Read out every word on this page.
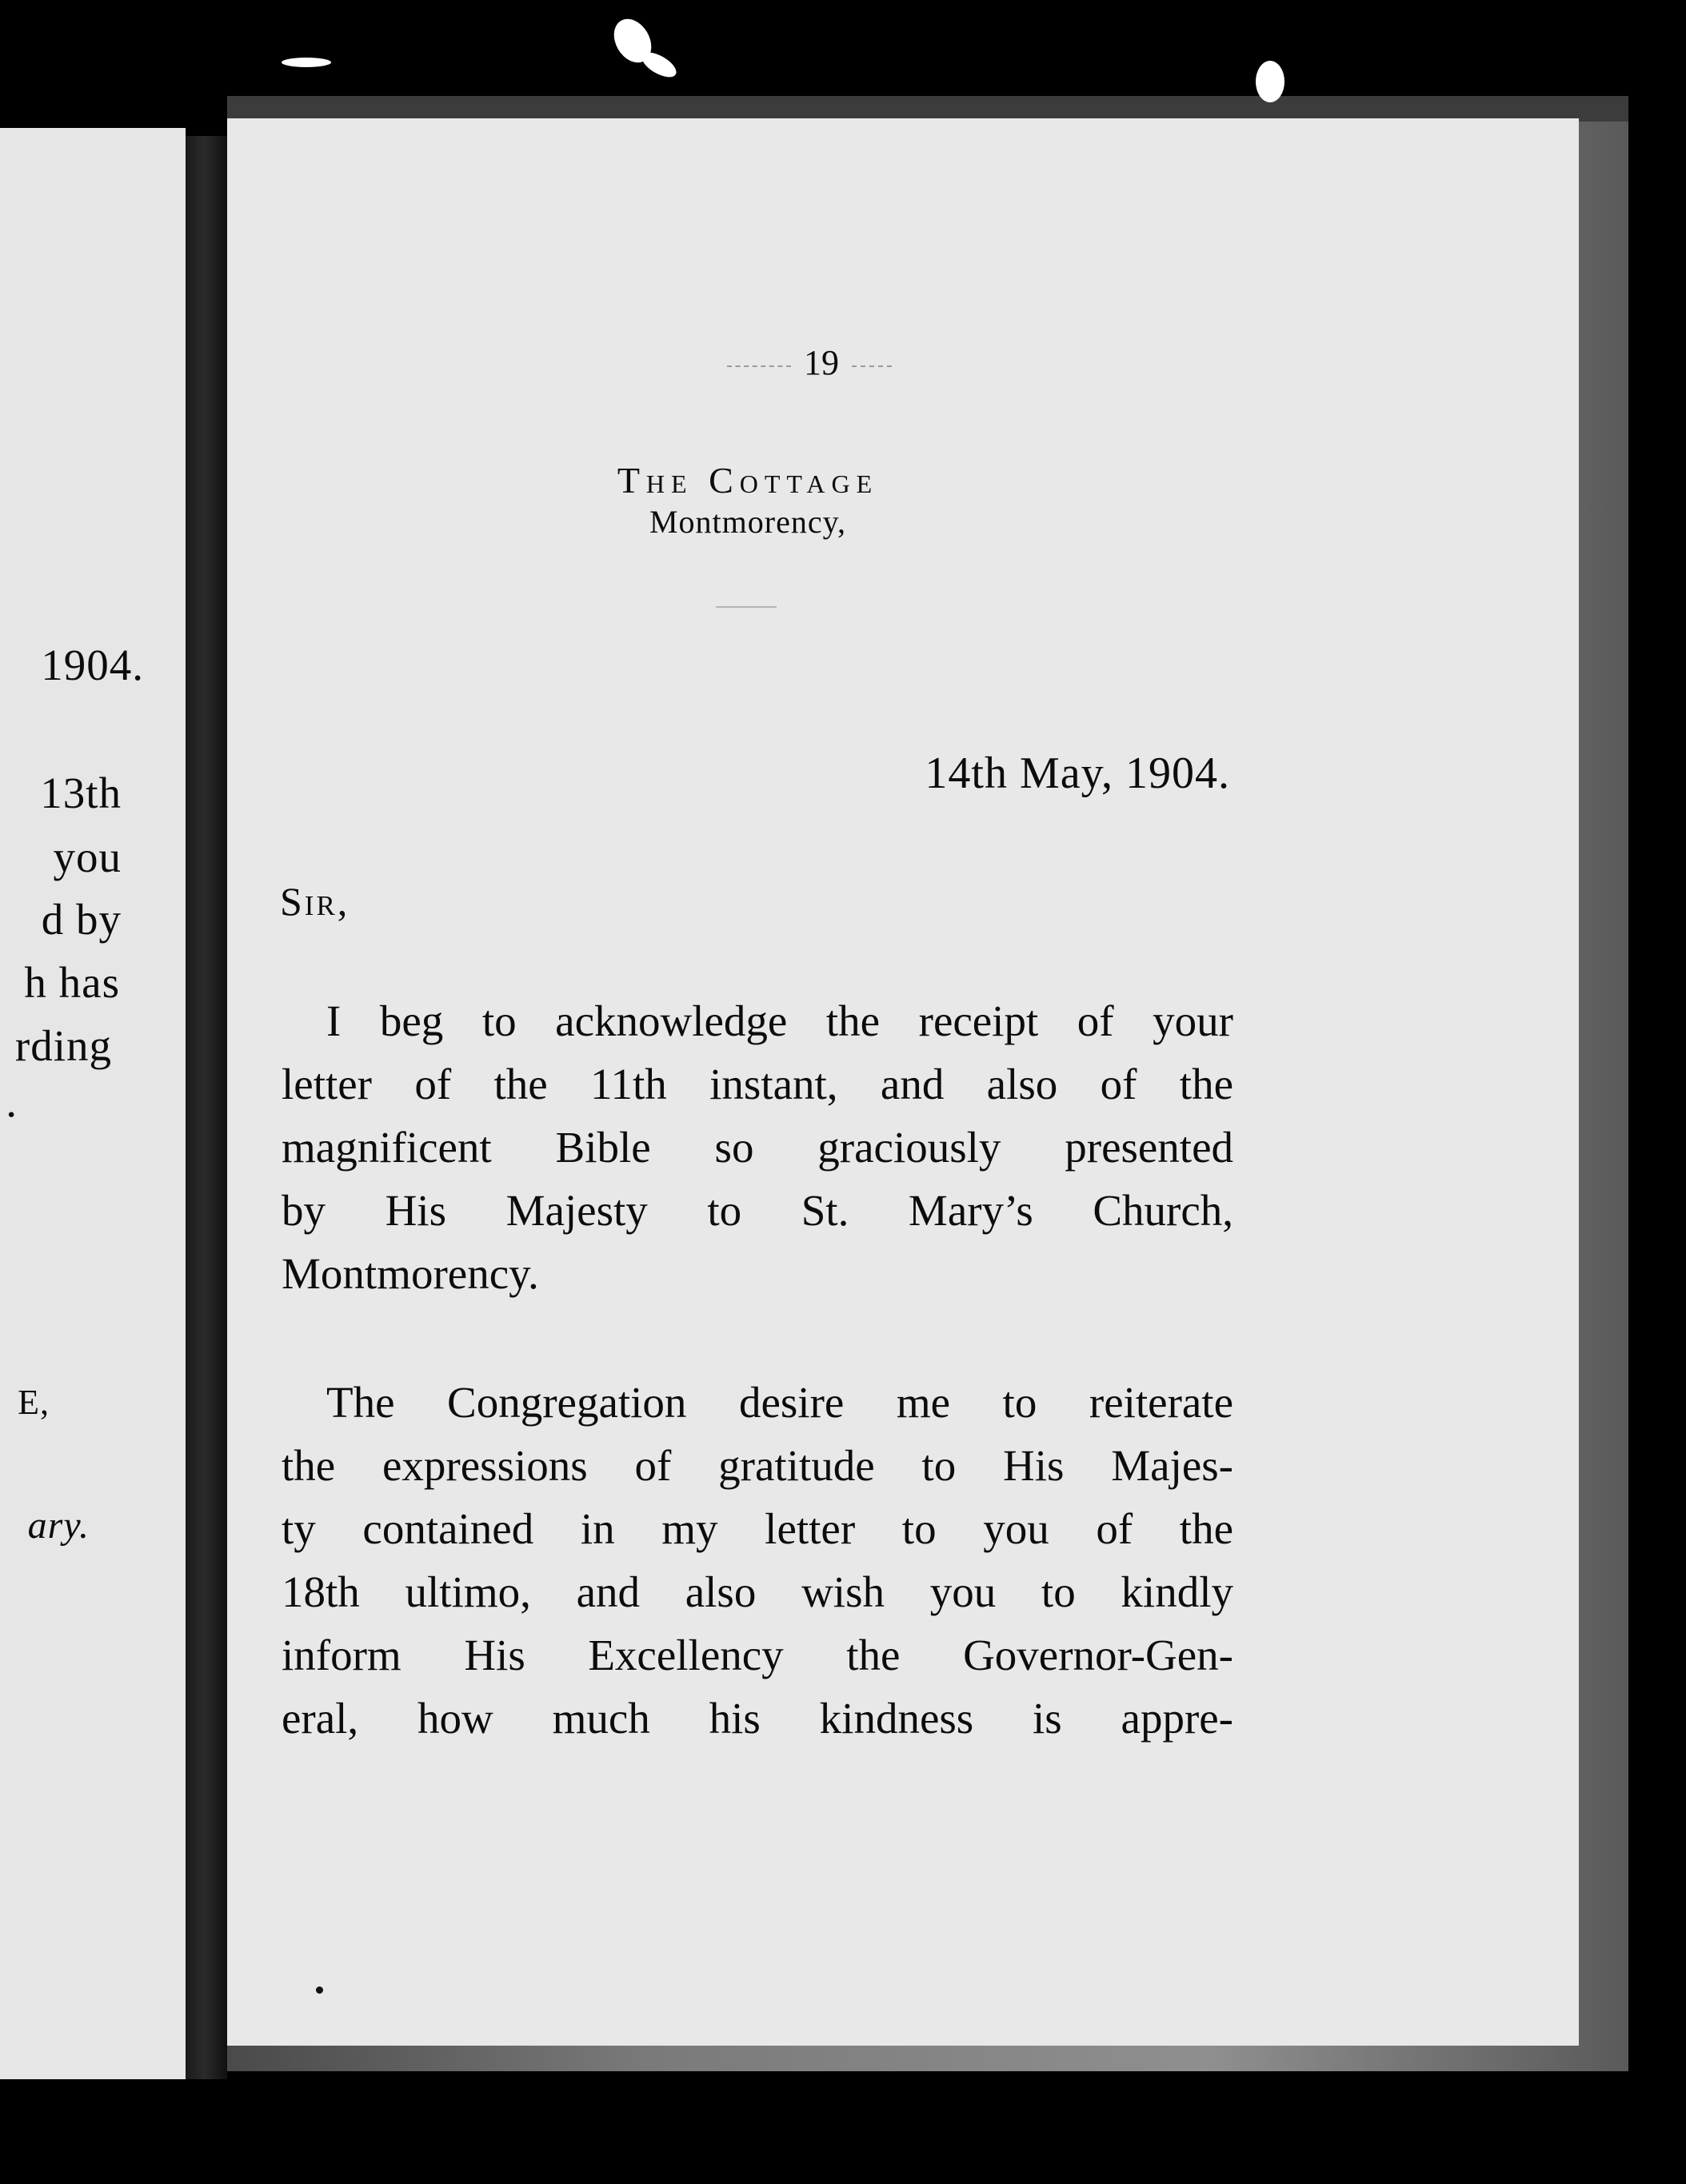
1904.
13th
you
d by
h has
rding
.
E,
ary.
19
The Cottage
Montmorency,
14th May, 1904.
Sir,
I beg to acknowledge the receipt of your
letter of the 11th instant, and also of the
magnificent Bible so graciously presented
by His Majesty to St. Mary’s Church,
Montmorency.
The Congregation desire me to reiterate
the expressions of gratitude to His Majes-
ty contained in my letter to you of the
18th ultimo, and also wish you to kindly
inform His Excellency the Governor-Gen-
eral, how much his kindness is appre-
